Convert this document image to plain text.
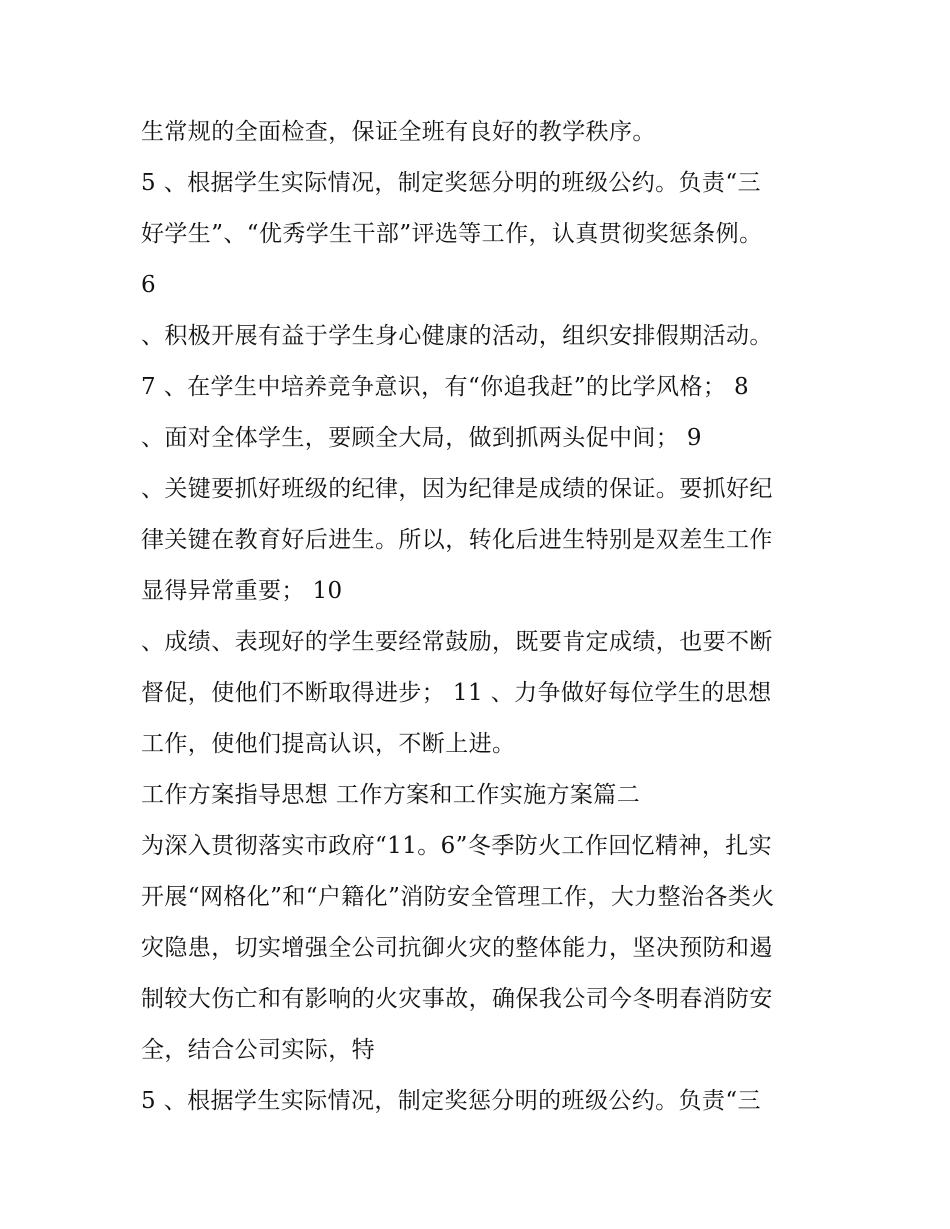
生常规的全面检查，保证全班有良好的教学秩序。
5 、根据学生实际情况，制定奖惩分明的班级公约。负责“三
好学生”、“优秀学生干部”评选等工作，认真贯彻奖惩条例。
6
、积极开展有益于学生身心健康的活动，组织安排假期活动。
7 、在学生中培养竞争意识，有“你追我赶”的比学风格； 8
、面对全体学生，要顾全大局，做到抓两头促中间； 9
、关键要抓好班级的纪律，因为纪律是成绩的保证。要抓好纪
律关键在教育好后进生。所以，转化后进生特别是双差生工作
显得异常重要； 10
、成绩、表现好的学生要经常鼓励，既要肯定成绩，也要不断
督促，使他们不断取得进步； 11 、力争做好每位学生的思想
工作，使他们提高认识，不断上进。
工作方案指导思想 工作方案和工作实施方案篇二
为深入贯彻落实市政府“11。6”冬季防火工作回忆精神，扎实
开展“网格化”和“户籍化”消防安全管理工作，大力整治各类火
灾隐患，切实增强全公司抗御火灾的整体能力，坚决预防和遏
制较大伤亡和有影响的火灾事故，确保我公司今冬明春消防安
全，结合公司实际，特
5 、根据学生实际情况，制定奖惩分明的班级公约。负责“三
